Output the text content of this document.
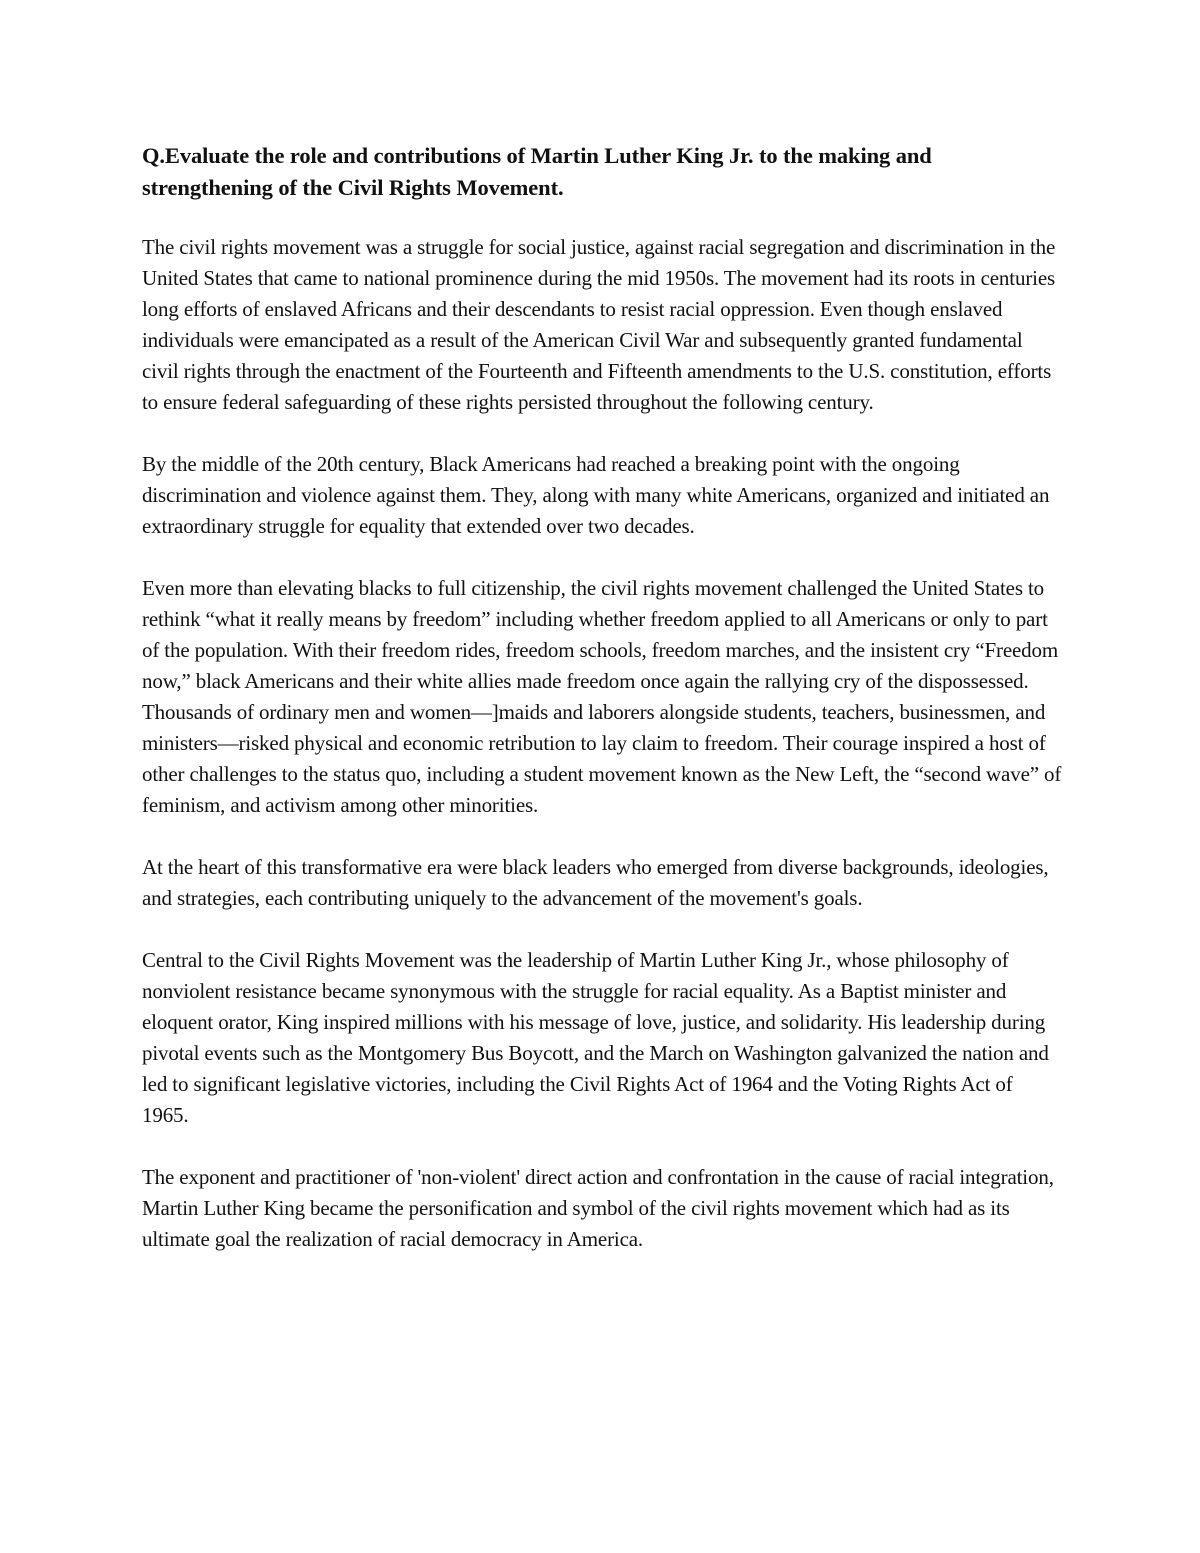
Q.Evaluate the role and contributions of Martin Luther King Jr. to the making and strengthening of the Civil Rights Movement.

The civil rights movement was a struggle for social justice, against racial segregation and discrimination in the United States that came to national prominence during the mid 1950s. The movement had its roots in centuries long efforts of enslaved Africans and their descendants to resist racial oppression. Even though enslaved individuals were emancipated as a result of the American Civil War and subsequently granted fundamental civil rights through the enactment of the Fourteenth and Fifteenth amendments to the U.S. constitution, efforts to ensure federal safeguarding of these rights persisted throughout the following century.

By the middle of the 20th century, Black Americans had reached a breaking point with the ongoing discrimination and violence against them. They, along with many white Americans, organized and initiated an extraordinary struggle for equality that extended over two decades.

Even more than elevating blacks to full citizenship, the civil rights movement challenged the United States to rethink “what it really means by freedom” including whether freedom applied to all Americans or only to part of the population. With their freedom rides, freedom schools, freedom marches, and the insistent cry “Freedom now,” black Americans and their white allies made freedom once again the rallying cry of the dispossessed. Thousands of ordinary men and women—]maids and laborers alongside students, teachers, businessmen, and ministers—risked physical and economic retribution to lay claim to freedom. Their courage inspired a host of other challenges to the status quo, including a student movement known as the New Left, the “second wave” of feminism, and activism among other minorities.

At the heart of this transformative era were black leaders who emerged from diverse backgrounds, ideologies, and strategies, each contributing uniquely to the advancement of the movement's goals.

Central to the Civil Rights Movement was the leadership of Martin Luther King Jr., whose philosophy of nonviolent resistance became synonymous with the struggle for racial equality. As a Baptist minister and eloquent orator, King inspired millions with his message of love, justice, and solidarity. His leadership during pivotal events such as the Montgomery Bus Boycott, and the March on Washington galvanized the nation and led to significant legislative victories, including the Civil Rights Act of 1964 and the Voting Rights Act of 1965.

The exponent and practitioner of 'non-violent' direct action and confrontation in the cause of racial integration, Martin Luther King became the personification and symbol of the civil rights movement which had as its ultimate goal the realization of racial democracy in America.
